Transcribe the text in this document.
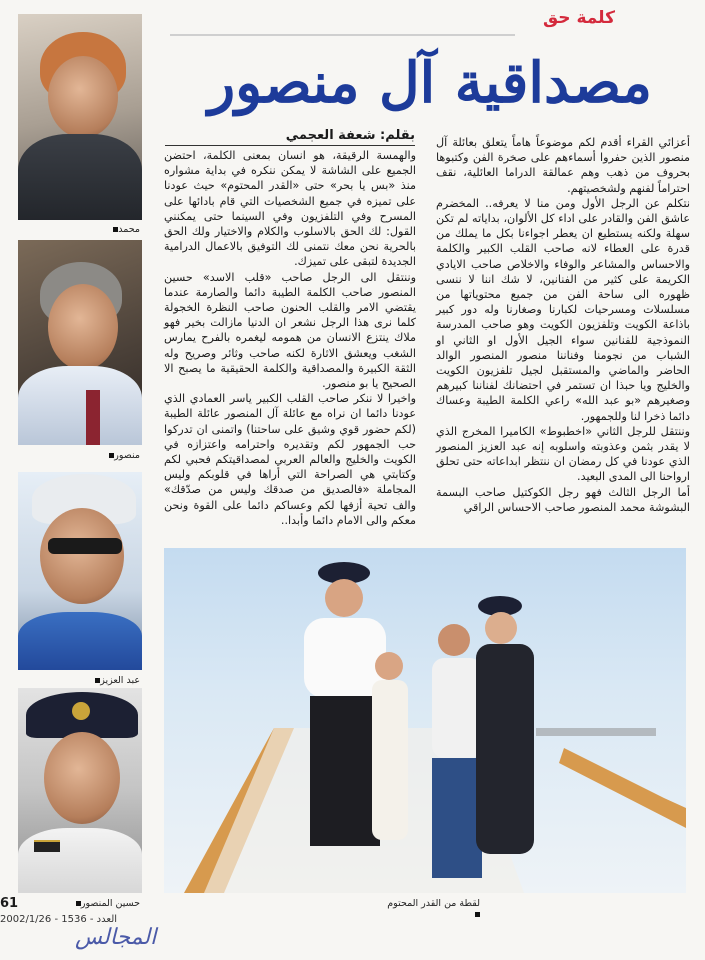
كلمة حق
مصداقية آل منصور
بقلم: شعفة العجمي أعزائي القراء أقدم لكم موضوعاً هاماً يتعلق بعائلة آل منصور الذين حفروا أسماءهم على صخرة الفن وكتبوها بحروف من ذهب وهم عمالقة الدراما العائلية، نقف احتراماً لفنهم ولشخصيتهم.

نتكلم عن الرجل الأول ومن منا لا يعرفه.. المخضرم عاشق الفن والقادر على اداء كل الألوان، بداياته لم تكن سهلة ولكنه يستطيع ان يعطر اجواءنا بكل ما يملك من قدرة على العطاء لانه صاحب القلب الكبير والكلمة والاحساس والمشاعر والوفاء والاخلاص صاحب الايادي الكريمة على كثير من الفنانين، لا شك اننا لا ننسى ظهوره الى ساحة الفن من جميع محتوياتها من مسلسلات ومسرحيات لكبارنا وصغارنا وله دور كبير باذاعة الكويت وتلفزيون الكويت وهو صاحب المدرسة النموذجية للفنانين سواء الجيل الأول او الثاني او الشباب من نجومنا وفناننا منصور المنصور الوالد الحاضر والماضي والمستقبل لجيل تلفزيون الكويت والخليج ويا حبذا ان تستمر في احتضانك لفناننا كبيرهم وصغيرهم «بو عبد الله» راعي الكلمة الطيبة وعساك دائما ذخرا لنا وللجمهور.

وننتقل للرجل الثاني «اخطبوط» الكاميرا المخرج الذي لا يقدر بثمن وعذوبته واسلوبه إنه عبد العزيز المنصور الذي عودنا في كل رمضان ان ننتظر ابداعاته حتى تحلق ارواحنا الى المدى البعيد.

أما الرجل الثالث فهو رجل الكوكتيل صاحب البسمة البشوشة محمد المنصور صاحب الاحساس الراقي

والهمسة الرقيقة، هو انسان بمعنى الكلمة، احتضن الجميع على الشاشة لا يمكن ننكره في بداية مشواره منذ «بس يا بحر» حتى «القدر المحتوم» حيث عودنا على تميزه في جميع الشخصيات التي قام بادائها على المسرح وفي التلفزيون وفي السينما حتى يمكنني القول: لك الحق بالاسلوب والكلام والاختيار ولك الحق بالحرية نحن معك نتمنى لك التوفيق بالاعمال الدرامية الجديدة لتبقى على تميزك.

وننتقل الى الرجل صاحب «قلب الاسد» حسين المنصور صاحب الكلمة الطيبة دائما والصارمة عندما يقتضي الامر والقلب الحنون صاحب النظرة الخجولة كلما نرى هذا الرجل نشعر ان الدنيا مازالت بخير فهو ملاك ينتزع الانسان من همومه ليغمره بالفرح يمارس الشغب ويعشق الاثارة لكنه صاحب وثائر وصريح وله الثقة الكبيرة والمصداقية والكلمة الحقيقية ما يصبح الا الصحيح يا بو منصور.

واخيرا لا ننكر صاحب القلب الكبير ياسر العمادي الذي عودنا دائما ان نراه مع عائلة آل المنصور عائلة الطيبة (لكم حضور قوي وشيق على ساحتنا) واتمنى ان تدركوا حب الجمهور لكم وتقديره واحترامه واعتزازه في الكويت والخليج والعالم العربي لمصداقيتكم فحبي لكم وكتابتي هي الصراحة التي أراها في قلوبكم وليس المجاملة «فالصديق من صدقك وليس من صدّقك» والف تحية أزفها لكم وعساكم دائما على القوة ونحن معكم والى الامام دائما وأبدا..

محمد
منصور
عبد العزيز
حسين المنصور	لقطة من القدر المحتوم
61
العدد - 1536 - 2002/1/26
المجالس
